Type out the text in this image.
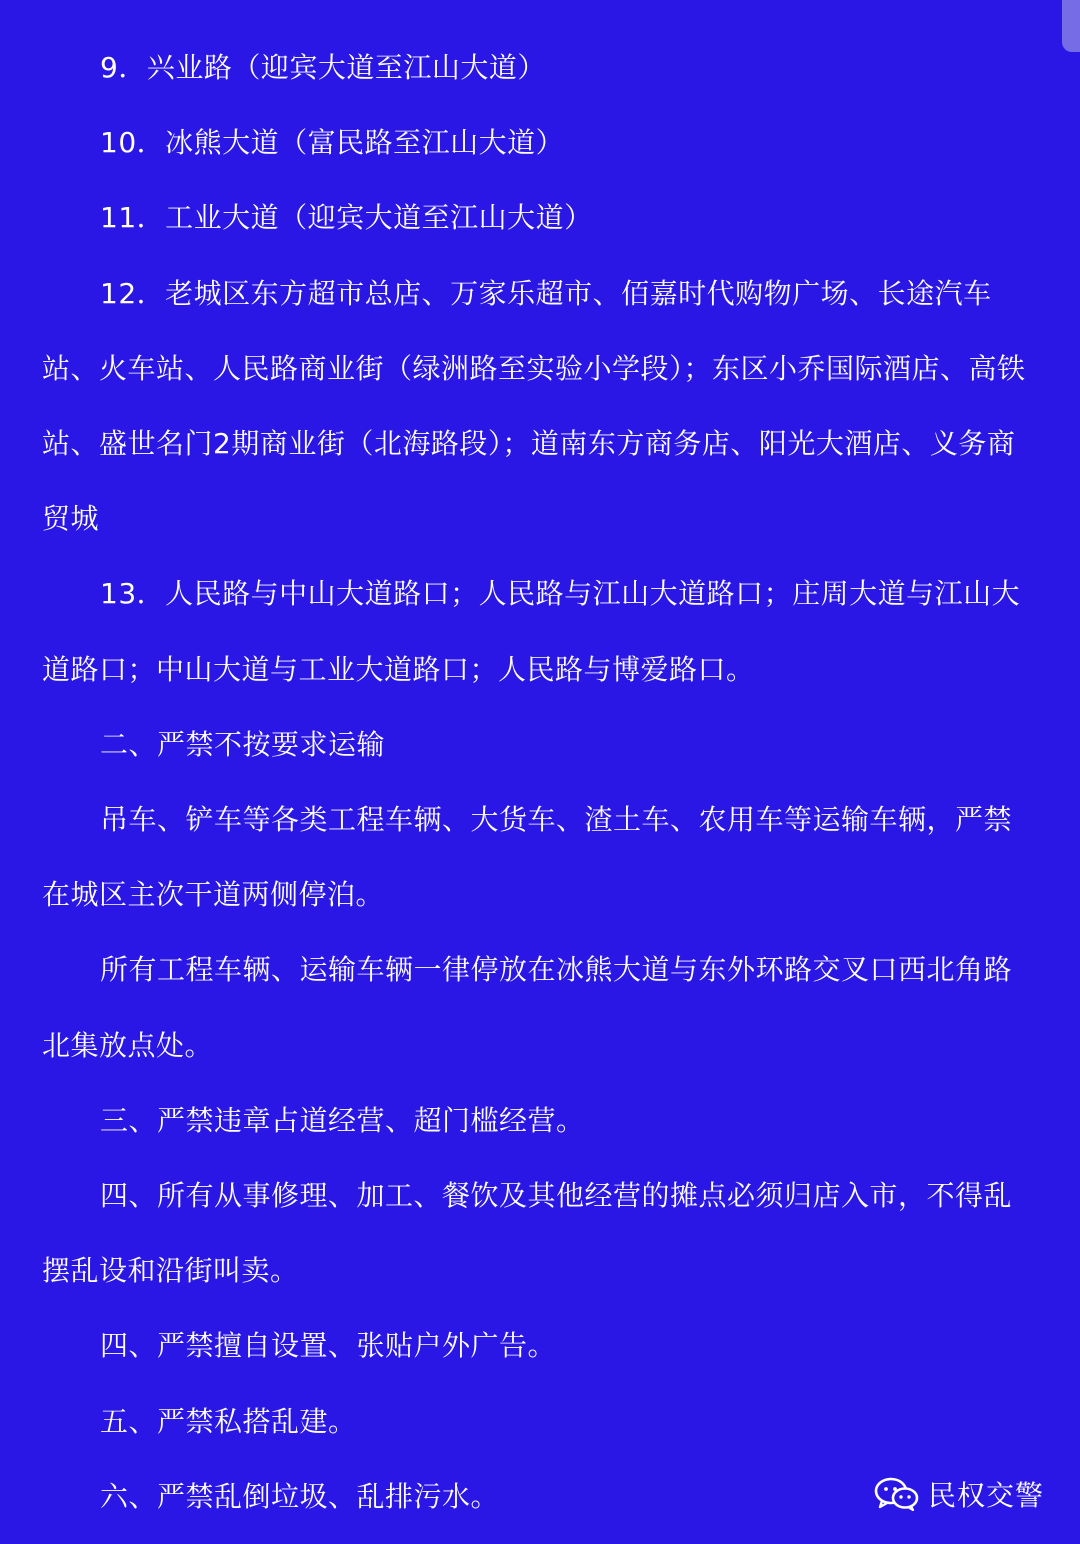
9．兴业路（迎宾大道至江山大道）

10．冰熊大道（富民路至江山大道）

11．工业大道（迎宾大道至江山大道）

12．老城区东方超市总店、万家乐超市、佰嘉时代购物广场、长途汽车站、火车站、人民路商业街（绿洲路至实验小学段）；东区小乔国际酒店、高铁站、盛世名门2期商业街（北海路段）；道南东方商务店、阳光大酒店、义务商贸城

13．人民路与中山大道路口；人民路与江山大道路口；庄周大道与江山大道路口；中山大道与工业大道路口；人民路与博爱路口。

二、严禁不按要求运输

吊车、铲车等各类工程车辆、大货车、渣土车、农用车等运输车辆，严禁在城区主次干道两侧停泊。

所有工程车辆、运输车辆一律停放在冰熊大道与东外环路交叉口西北角路北集放点处。

三、严禁违章占道经营、超门槛经营。

四、所有从事修理、加工、餐饮及其他经营的摊点必须归店入市，不得乱摆乱设和沿街叫卖。

四、严禁擅自设置、张贴户外广告。

五、严禁私搭乱建。

六、严禁乱倒垃圾、乱排污水。	民权交警
